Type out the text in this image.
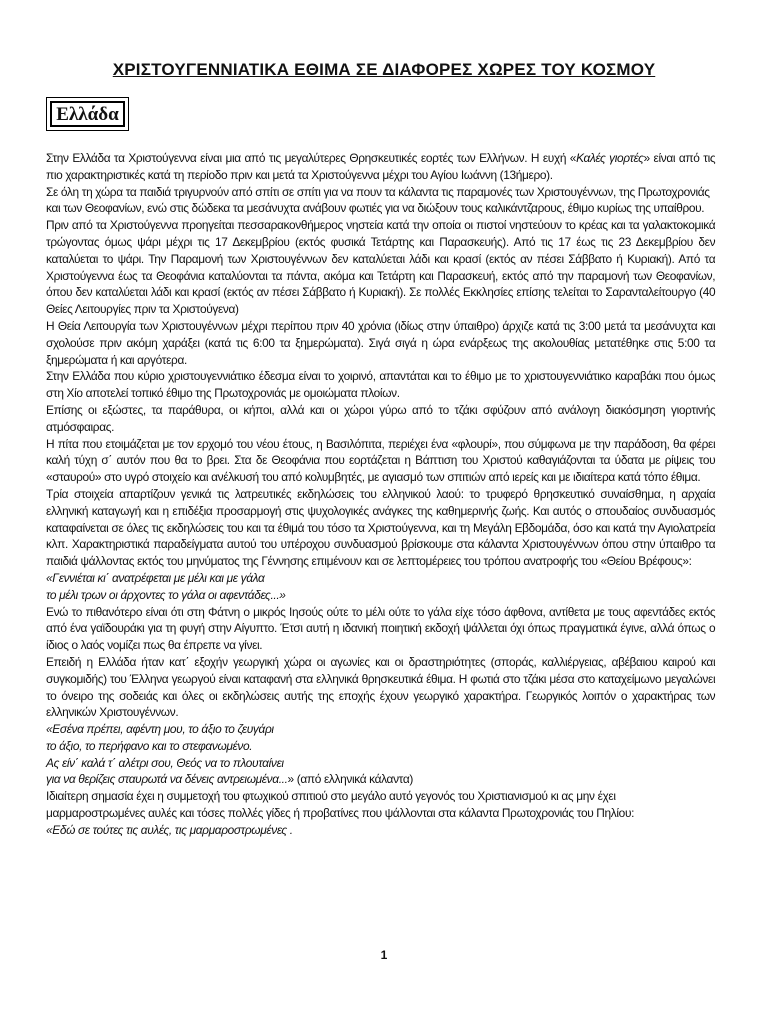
ΧΡΙΣΤΟΥΓΕΝΝΙΑΤΙΚΑ ΕΘΙΜΑ ΣΕ ΔΙΑΦΟΡΕΣ ΧΩΡΕΣ ΤΟΥ ΚΟΣΜΟΥ
Ελλάδα

Στην Ελλάδα τα Χριστούγεννα είναι μια από τις μεγαλύτερες Θρησκευτικές εορτές των Ελλήνων. Η ευχή «Καλές γιορτές» είναι από τις πιο χαρακτηριστικές κατά τη περίοδο πριν και μετά τα Χριστούγεννα μέχρι του Αγίου Ιωάννη (13ήμερο).

Σε όλη τη χώρα τα παιδιά τριγυρνούν από σπίτι σε σπίτι για να πουν τα κάλαντα τις παραμονές των Χριστουγέννων, της Πρωτοχρονιάς και των Θεοφανίων, ενώ στις δώδεκα τα μεσάνυχτα ανάβουν φωτιές για να διώξουν τους καλικάντζαρους, έθιμο κυρίως της υπαίθρου.

Πριν από τα Χριστούγεννα προηγείται πεσσαρακονθήμερος νηστεία κατά την οποία οι πιστοί νηστεύουν το κρέας και τα γαλακτοκομικά τρώγοντας όμως ψάρι μέχρι τις 17 Δεκεμβρίου (εκτός φυσικά Τετάρτης και Παρασκευής). Από τις 17 έως τις 23 Δεκεμβρίου δεν καταλύεται το ψάρι. Την Παραμονή των Χριστουγέννων δεν καταλύεται λάδι και κρασί (εκτός αν πέσει Σάββατο ή Κυριακή). Από τα Χριστούγεννα έως τα Θεοφάνια καταλύονται τα πάντα, ακόμα και Τετάρτη και Παρασκευή, εκτός από την παραμονή των Θεοφανίων, όπου δεν καταλύεται λάδι και κρασί (εκτός αν πέσει Σάββατο ή Κυριακή). Σε πολλές Εκκλησίες επίσης τελείται το Σαρανταλείτουργο (40 Θείες Λειτουργίες πριν τα Χριστούγενα)

Η Θεία Λειτουργία των Χριστουγέννων μέχρι περίπου πριν 40 χρόνια (ιδίως στην ύπαιθρο) άρχιζε κατά τις 3:00 μετά τα μεσάνυχτα και σχολούσε πριν ακόμη χαράξει (κατά τις 6:00 τα ξημερώματα). Σιγά σιγά η ώρα ενάρξεως της ακολουθίας μετατέθηκε στις 5:00 τα ξημερώματα ή και αργότερα.

Στην Ελλάδα που κύριο χριστουγεννιάτικο έδεσμα είναι το χοιρινό, απαντάται και το έθιμο με το χριστουγεννιάτικο καραβάκι που όμως στη Χίο αποτελεί τοπικό έθιμο της Πρωτοχρονιάς με ομοιώματα πλοίων.

Επίσης οι εξώστες, τα παράθυρα, οι κήποι, αλλά και οι χώροι γύρω από το τζάκι σφύζουν από ανάλογη διακόσμηση γιορτινής ατμόσφαιρας.

Η πίτα που ετοιμάζεται με τον ερχομό του νέου έτους, η Βασιλόπιτα, περιέχει ένα «φλουρί», που σύμφωνα με την παράδοση, θα φέρει καλή τύχη σ΄ αυτόν που θα το βρει. Στα δε Θεοφάνια που εορτάζεται η Βάπτιση του Χριστού καθαγιάζονται τα ύδατα με ρίψεις του «σταυρού» στο υγρό στοιχείο και ανέλκυσή του από κολυμβητές, με αγιασμό των σπιτιών από ιερείς και με ιδιαίτερα κατά τόπο έθιμα.

Τρία στοιχεία απαρτίζουν γενικά τις λατρευτικές εκδηλώσεις του ελληνικού λαού: το τρυφερό θρησκευτικό συναίσθημα, η αρχαία ελληνική καταγωγή και η επιδέξια προσαρμογή στις ψυχολογικές ανάγκες της καθημερινής ζωής. Και αυτός ο σπουδαίος συνδυασμός καταφαίνεται σε όλες τις εκδηλώσεις του και τα έθιμά του τόσο τα Χριστούγεννα, και τη Μεγάλη Εβδομάδα, όσο και κατά την Αγιολατρεία κλπ. Χαρακτηριστικά παραδείγματα αυτού του υπέροχου συνδυασμού βρίσκουμε στα κάλαντα Χριστουγέννων όπου στην ύπαιθρο τα παιδιά ψάλλοντας εκτός του μηνύματος της Γέννησης επιμένουν και σε λεπτομέρειες του τρόπου ανατροφής του «Θείου Βρέφους»:

«Γεννιέται κι΄ ανατρέφεται με μέλι και με γάλα

το μέλι τρων οι άρχοντες το γάλα οι αφεντάδες...»

Ενώ το πιθανότερο είναι ότι στη Φάτνη ο μικρός Ιησούς ούτε το μέλι ούτε το γάλα είχε τόσο άφθονα, αντίθετα με τους αφεντάδες εκτός από ένα γαϊδουράκι για τη φυγή στην Αίγυπτο. Έτσι αυτή η ιδανική ποιητική εκδοχή ψάλλεται όχι όπως πραγματικά έγινε, αλλά όπως ο ίδιος ο λαός νομίζει πως θα έπρεπε να γίνει.

Επειδή η Ελλάδα ήταν κατ΄ εξοχήν γεωργική χώρα οι αγωνίες και οι δραστηριότητες (σποράς, καλλιέργειας, αβέβαιου καιρού και συγκομιδής) του Έλληνα γεωργού είναι καταφανή στα ελληνικά θρησκευτικά έθιμα. Η φωτιά στο τζάκι μέσα στο καταχείμωνο μεγαλώνει το όνειρο της σοδειάς και όλες οι εκδηλώσεις αυτής της εποχής έχουν γεωργικό χαρακτήρα. Γεωργικός λοιπόν ο χαρακτήρας των ελληνικών Χριστουγέννων.

«Εσένα πρέπει, αφέντη μου, το άξιο το ζευγάρι

το άξιο, το περήφανο και το στεφανωμένο.

Ας είν΄ καλά τ΄ αλέτρι σου, Θεός να το πλουταίνει

για να θερίζεις σταυρωτά να δένεις αντρειωμένα...» (από ελληνικά κάλαντα)

Ιδιαίτερη σημασία έχει η συμμετοχή του φτωχικού σπιτιού στο μεγάλο αυτό γεγονός του Χριστιανισμού κι ας μην έχει μαρμαροστρωμένες αυλές και τόσες πολλές γίδες ή προβατίνες που ψάλλονται στα κάλαντα Πρωτοχρονιάς του Πηλίου:

«Εδώ σε τούτες τις αυλές, τις μαρμαροστρωμένες .

1
